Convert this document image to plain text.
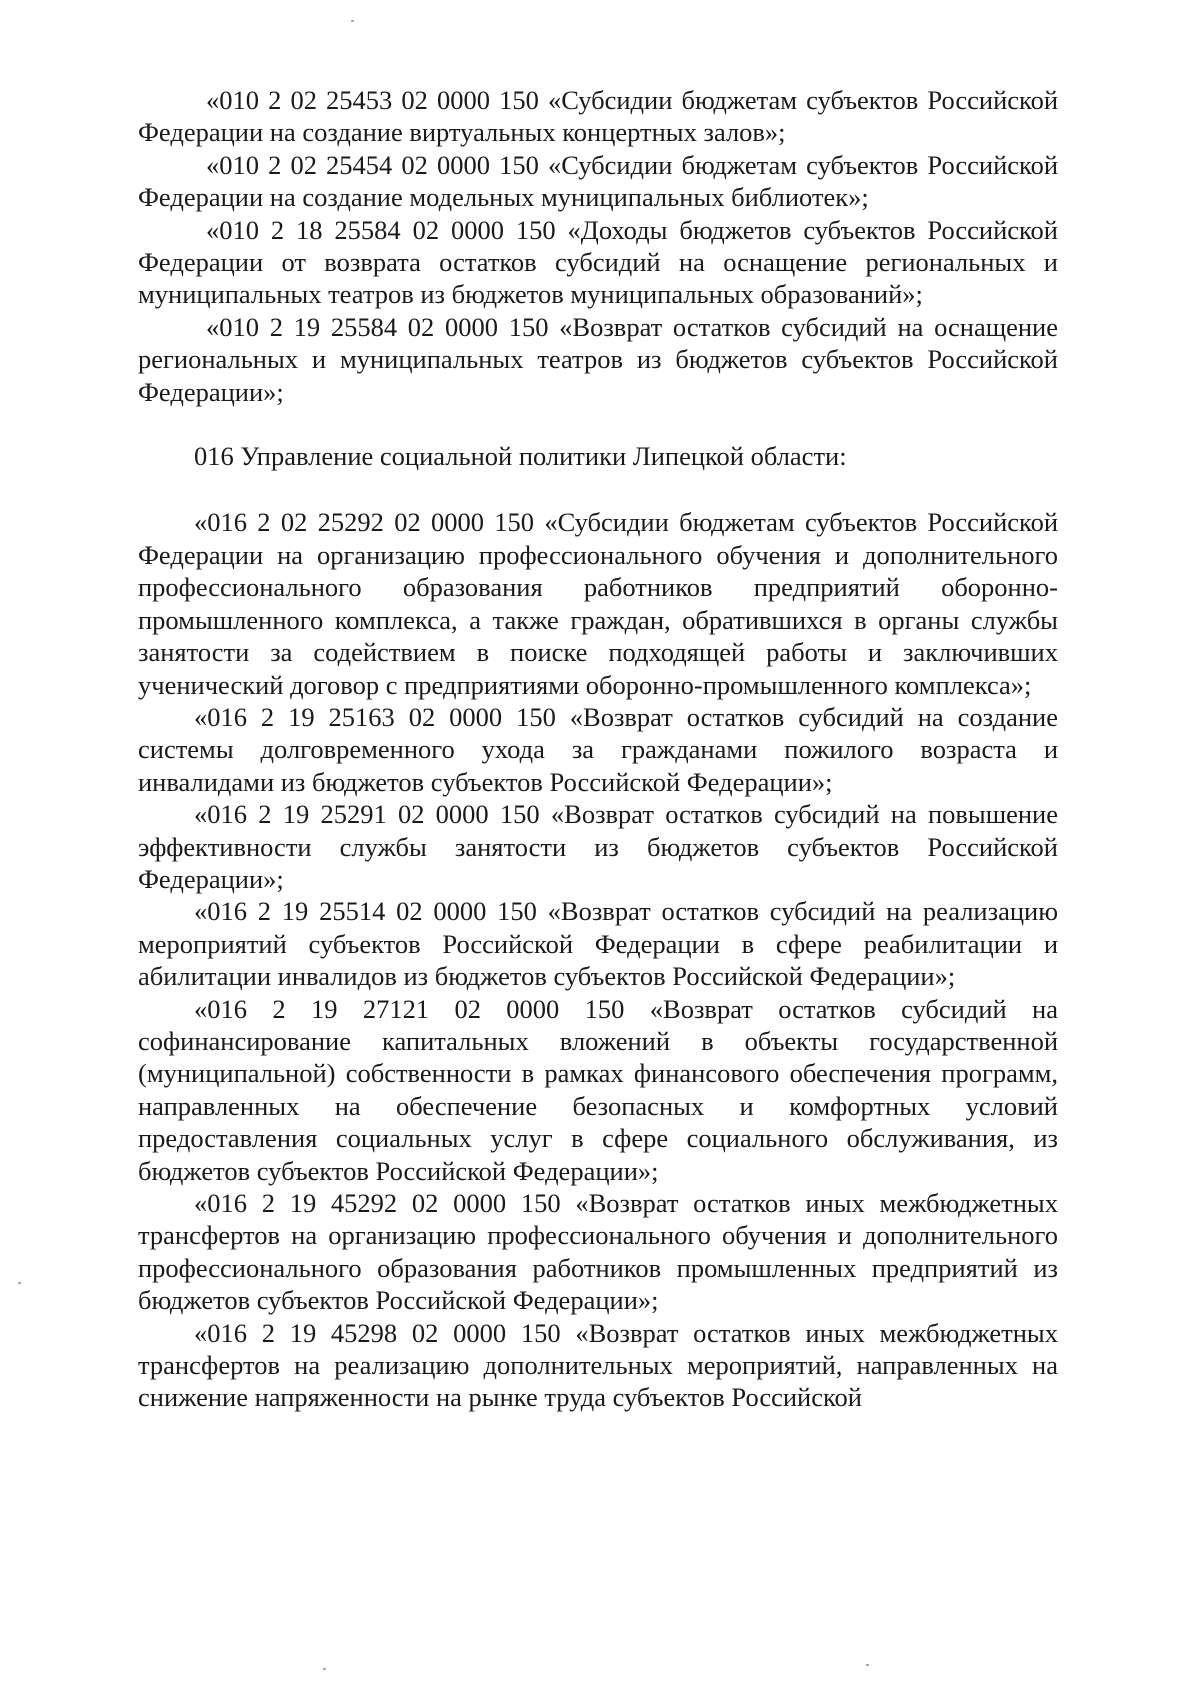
«010 2 02 25453 02 0000 150 «Субсидии бюджетам субъектов Российской Федерации на создание виртуальных концертных залов»;

«010 2 02 25454 02 0000 150 «Субсидии бюджетам субъектов Российской Федерации на создание модельных муниципальных библиотек»;

«010 2 18 25584 02 0000 150 «Доходы бюджетов субъектов Российской Федерации от возврата остатков субсидий на оснащение региональных и муниципальных театров из бюджетов муниципальных образований»;

«010 2 19 25584 02 0000 150 «Возврат остатков субсидий на оснащение региональных и муниципальных театров из бюджетов субъектов Российской Федерации»;

016 Управление социальной политики Липецкой области:

«016 2 02 25292 02 0000 150 «Субсидии бюджетам субъектов Российской Федерации на организацию профессионального обучения и дополнительного профессионального образования работников предприятий оборонно-промышленного комплекса, а также граждан, обратившихся в органы службы занятости за содействием в поиске подходящей работы и заключивших ученический договор с предприятиями оборонно-промышленного комплекса»;

«016 2 19 25163 02 0000 150 «Возврат остатков субсидий на создание системы долговременного ухода за гражданами пожилого возраста и инвалидами из бюджетов субъектов Российской Федерации»;

«016 2 19 25291 02 0000 150 «Возврат остатков субсидий на повышение эффективности службы занятости из бюджетов субъектов Российской Федерации»;

«016 2 19 25514 02 0000 150 «Возврат остатков субсидий на реализацию мероприятий субъектов Российской Федерации в сфере реабилитации и абилитации инвалидов из бюджетов субъектов Российской Федерации»;

«016 2 19 27121 02 0000 150 «Возврат остатков субсидий на софинансирование капитальных вложений в объекты государственной (муниципальной) собственности в рамках финансового обеспечения программ, направленных на обеспечение безопасных и комфортных условий предоставления социальных услуг в сфере социального обслуживания, из бюджетов субъектов Российской Федерации»;

«016 2 19 45292 02 0000 150 «Возврат остатков иных межбюджетных трансфертов на организацию профессионального обучения и дополнительного профессионального образования работников промышленных предприятий из бюджетов субъектов Российской Федерации»;

«016 2 19 45298 02 0000 150 «Возврат остатков иных межбюджетных трансфертов на реализацию дополнительных мероприятий, направленных на снижение напряженности на рынке труда субъектов Российской
